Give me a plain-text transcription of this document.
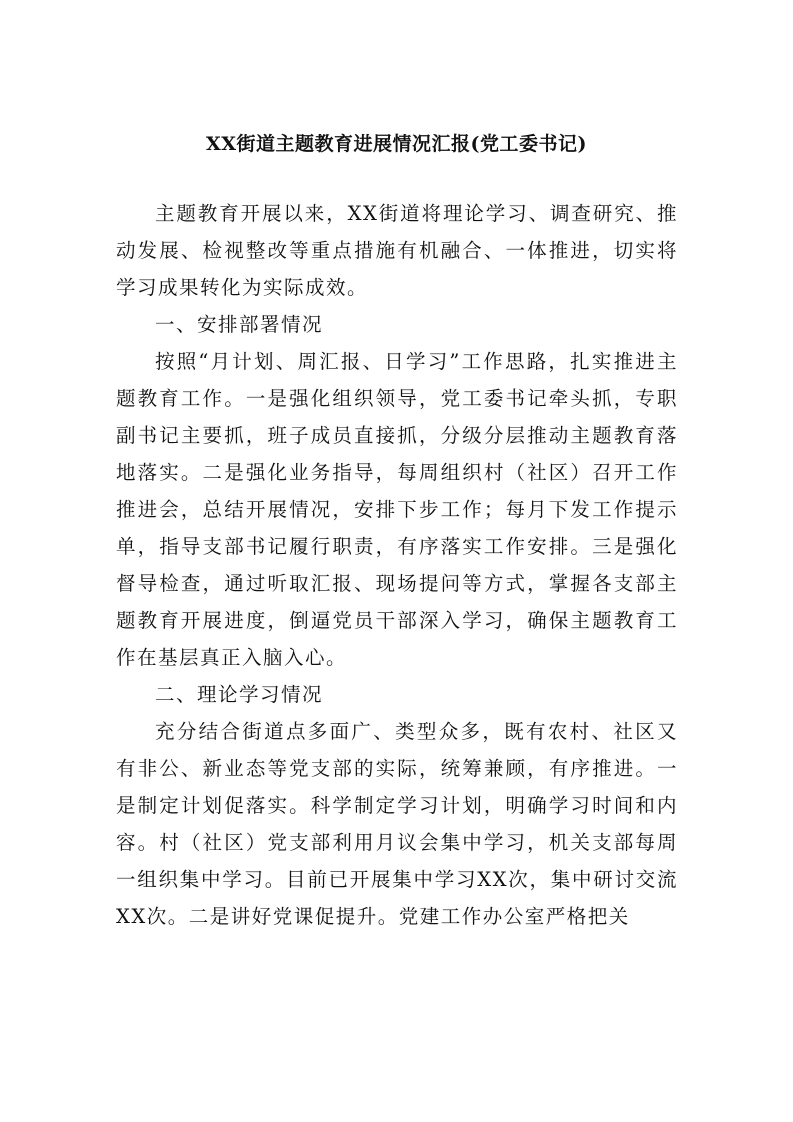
XX街道主题教育进展情况汇报(党工委书记)

主题教育开展以来，XX街道将理论学习、调查研究、推动发展、检视整改等重点措施有机融合、一体推进，切实将学习成果转化为实际成效。

一、安排部署情况

按照“月计划、周汇报、日学习”工作思路，扎实推进主题教育工作。一是强化组织领导，党工委书记牵头抓，专职副书记主要抓，班子成员直接抓，分级分层推动主题教育落地落实。二是强化业务指导，每周组织村（社区）召开工作推进会，总结开展情况，安排下步工作；每月下发工作提示单，指导支部书记履行职责，有序落实工作安排。三是强化督导检查，通过听取汇报、现场提问等方式，掌握各支部主题教育开展进度，倒逼党员干部深入学习，确保主题教育工作在基层真正入脑入心。

二、理论学习情况

充分结合街道点多面广、类型众多，既有农村、社区又有非公、新业态等党支部的实际，统筹兼顾，有序推进。一是制定计划促落实。科学制定学习计划，明确学习时间和内容。村（社区）党支部利用月议会集中学习，机关支部每周一组织集中学习。目前已开展集中学习XX次，集中研讨交流XX次。二是讲好党课促提升。党建工作办公室严格把关
